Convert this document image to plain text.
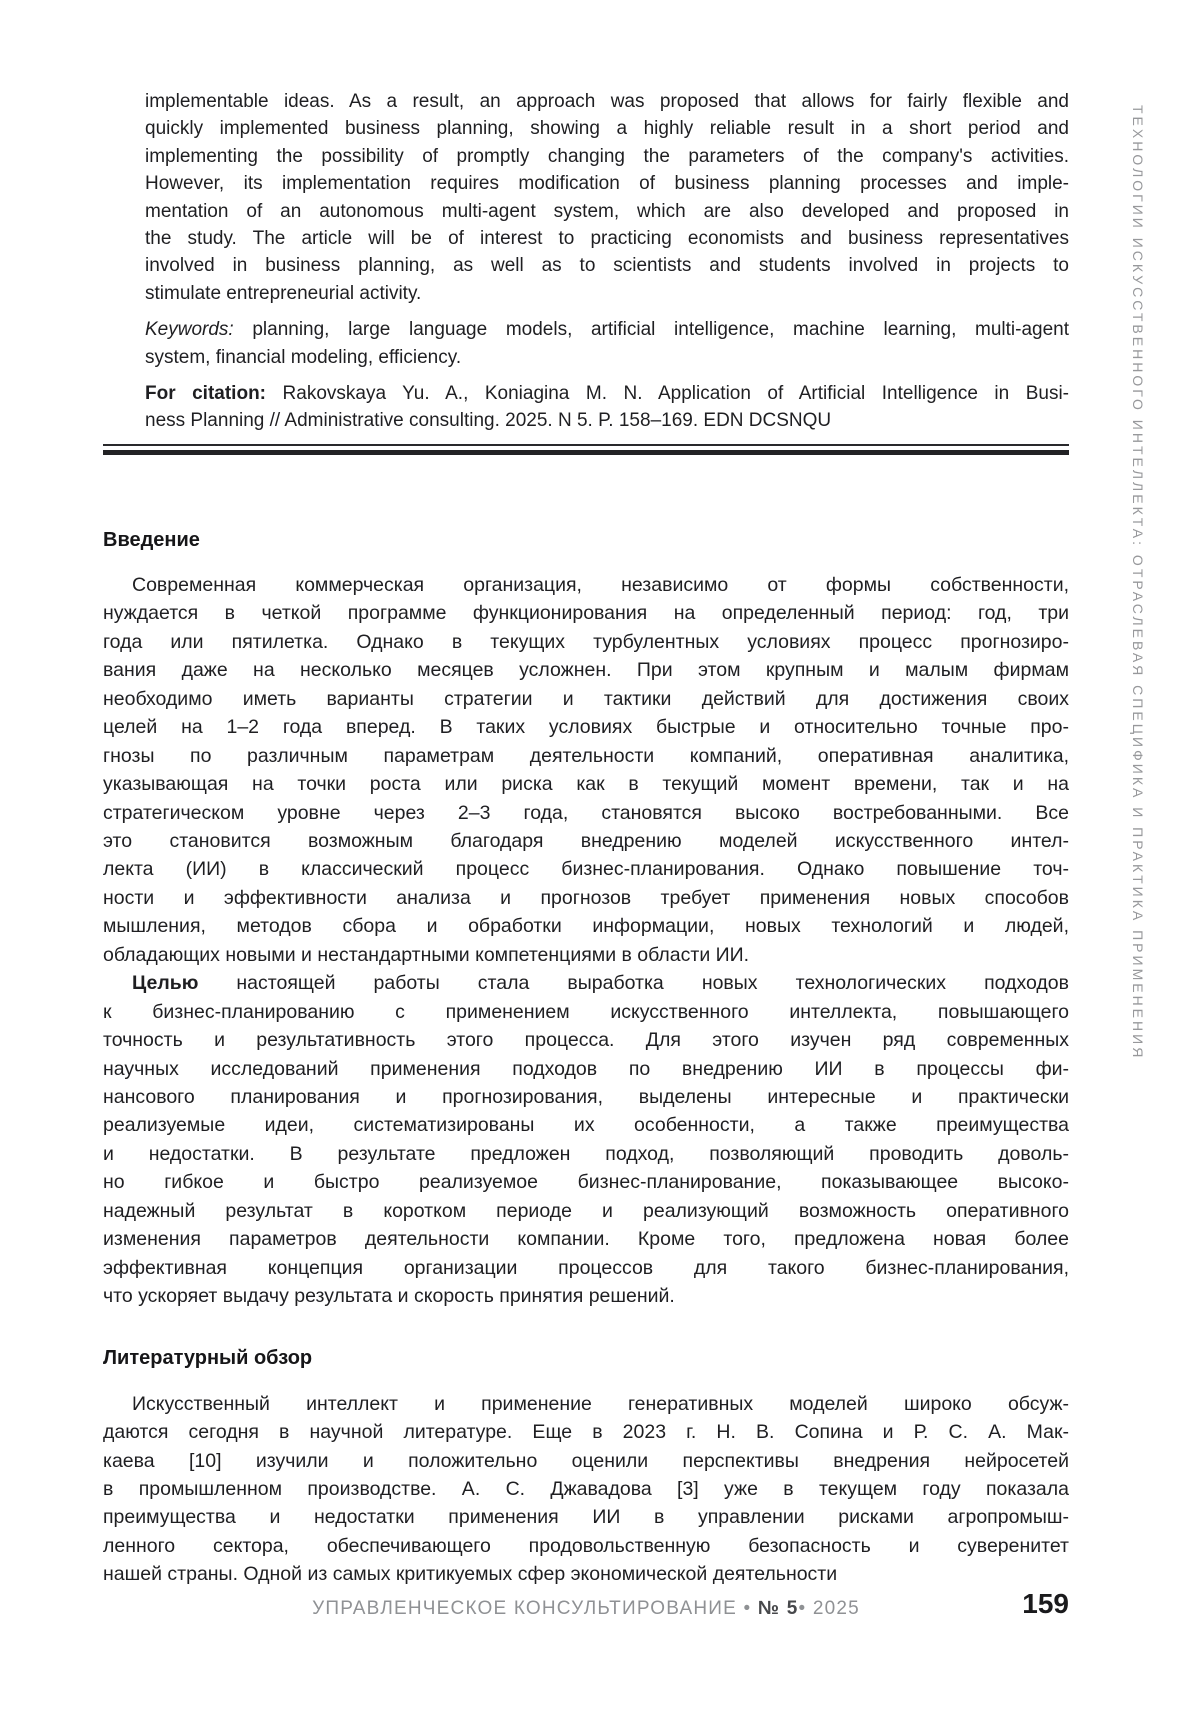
implementable ideas. As a result, an approach was proposed that allows for fairly flexible and
quickly implemented business planning, showing a highly reliable result in a short period and
implementing the possibility of promptly changing the parameters of the company's activities.
However, its implementation requires modification of business planning processes and imple-
mentation of an autonomous multi-agent system, which are also developed and proposed in
the study. The article will be of interest to practicing economists and business representatives
involved in business planning, as well as to scientists and students involved in projects to
stimulate entrepreneurial activity.
Keywords: planning, large language models, artificial intelligence, machine learning, multi-agent
system, financial modeling, efficiency.
For citation: Rakovskaya Yu. A., Koniagina M. N. Application of Artificial Intelligence in Busi-
ness Planning // Administrative consulting. 2025. N 5. P. 158–169. EDN DCSNQU
Введение
Современная коммерческая организация, независимо от формы собственности,
нуждается в четкой программе функционирования на определенный период: год, три
года или пятилетка. Однако в текущих турбулентных условиях процесс прогнозиро-
вания даже на несколько месяцев усложнен. При этом крупным и малым фирмам
необходимо иметь варианты стратегии и тактики действий для достижения своих
целей на 1–2 года вперед. В таких условиях быстрые и относительно точные про-
гнозы по различным параметрам деятельности компаний, оперативная аналитика,
указывающая на точки роста или риска как в текущий момент времени, так и на
стратегическом уровне через 2–3 года, становятся высоко востребованными. Все
это становится возможным благодаря внедрению моделей искусственного интел-
лекта (ИИ) в классический процесс бизнес-планирования. Однако повышение точ-
ности и эффективности анализа и прогнозов требует применения новых способов
мышления, методов сбора и обработки информации, новых технологий и людей,
обладающих новыми и нестандартными компетенциями в области ИИ.
Целью настоящей работы стала выработка новых технологических подходов
к бизнес-планированию с применением искусственного интеллекта, повышающего
точность и результативность этого процесса. Для этого изучен ряд современных
научных исследований применения подходов по внедрению ИИ в процессы фи-
нансового планирования и прогнозирования, выделены интересные и практически
реализуемые идеи, систематизированы их особенности, а также преимущества
и недостатки. В результате предложен подход, позволяющий проводить доволь-
но гибкое и быстро реализуемое бизнес-планирование, показывающее высоко-
надежный результат в коротком периоде и реализующий возможность оперативного
изменения параметров деятельности компании. Кроме того, предложена новая более
эффективная концепция организации процессов для такого бизнес-планирования,
что ускоряет выдачу результата и скорость принятия решений.
Литературный обзор
Искусственный интеллект и применение генеративных моделей широко обсуж-
даются сегодня в научной литературе. Еще в 2023 г. Н. В. Сопина и Р. С. А. Мак-
каева [10] изучили и положительно оценили перспективы внедрения нейросетей
в промышленном производстве. А. С. Джавадова [3] уже в текущем году показала
преимущества и недостатки применения ИИ в управлении рисками агропромыш-
ленного сектора, обеспечивающего продовольственную безопасность и суверенитет
нашей страны. Одной из самых критикуемых сфер экономической деятельности
УПРАВЛЕНЧЕСКОЕ КОНСУЛЬТИРОВАНИЕ • № 5• 2025	159
ТЕХНОЛОГИИ ИСКУССТВЕННОГО ИНТЕЛЛЕКТА: ОТРАСЛЕВАЯ СПЕЦИФИКА И ПРАКТИКА ПРИМЕНЕНИЯ
